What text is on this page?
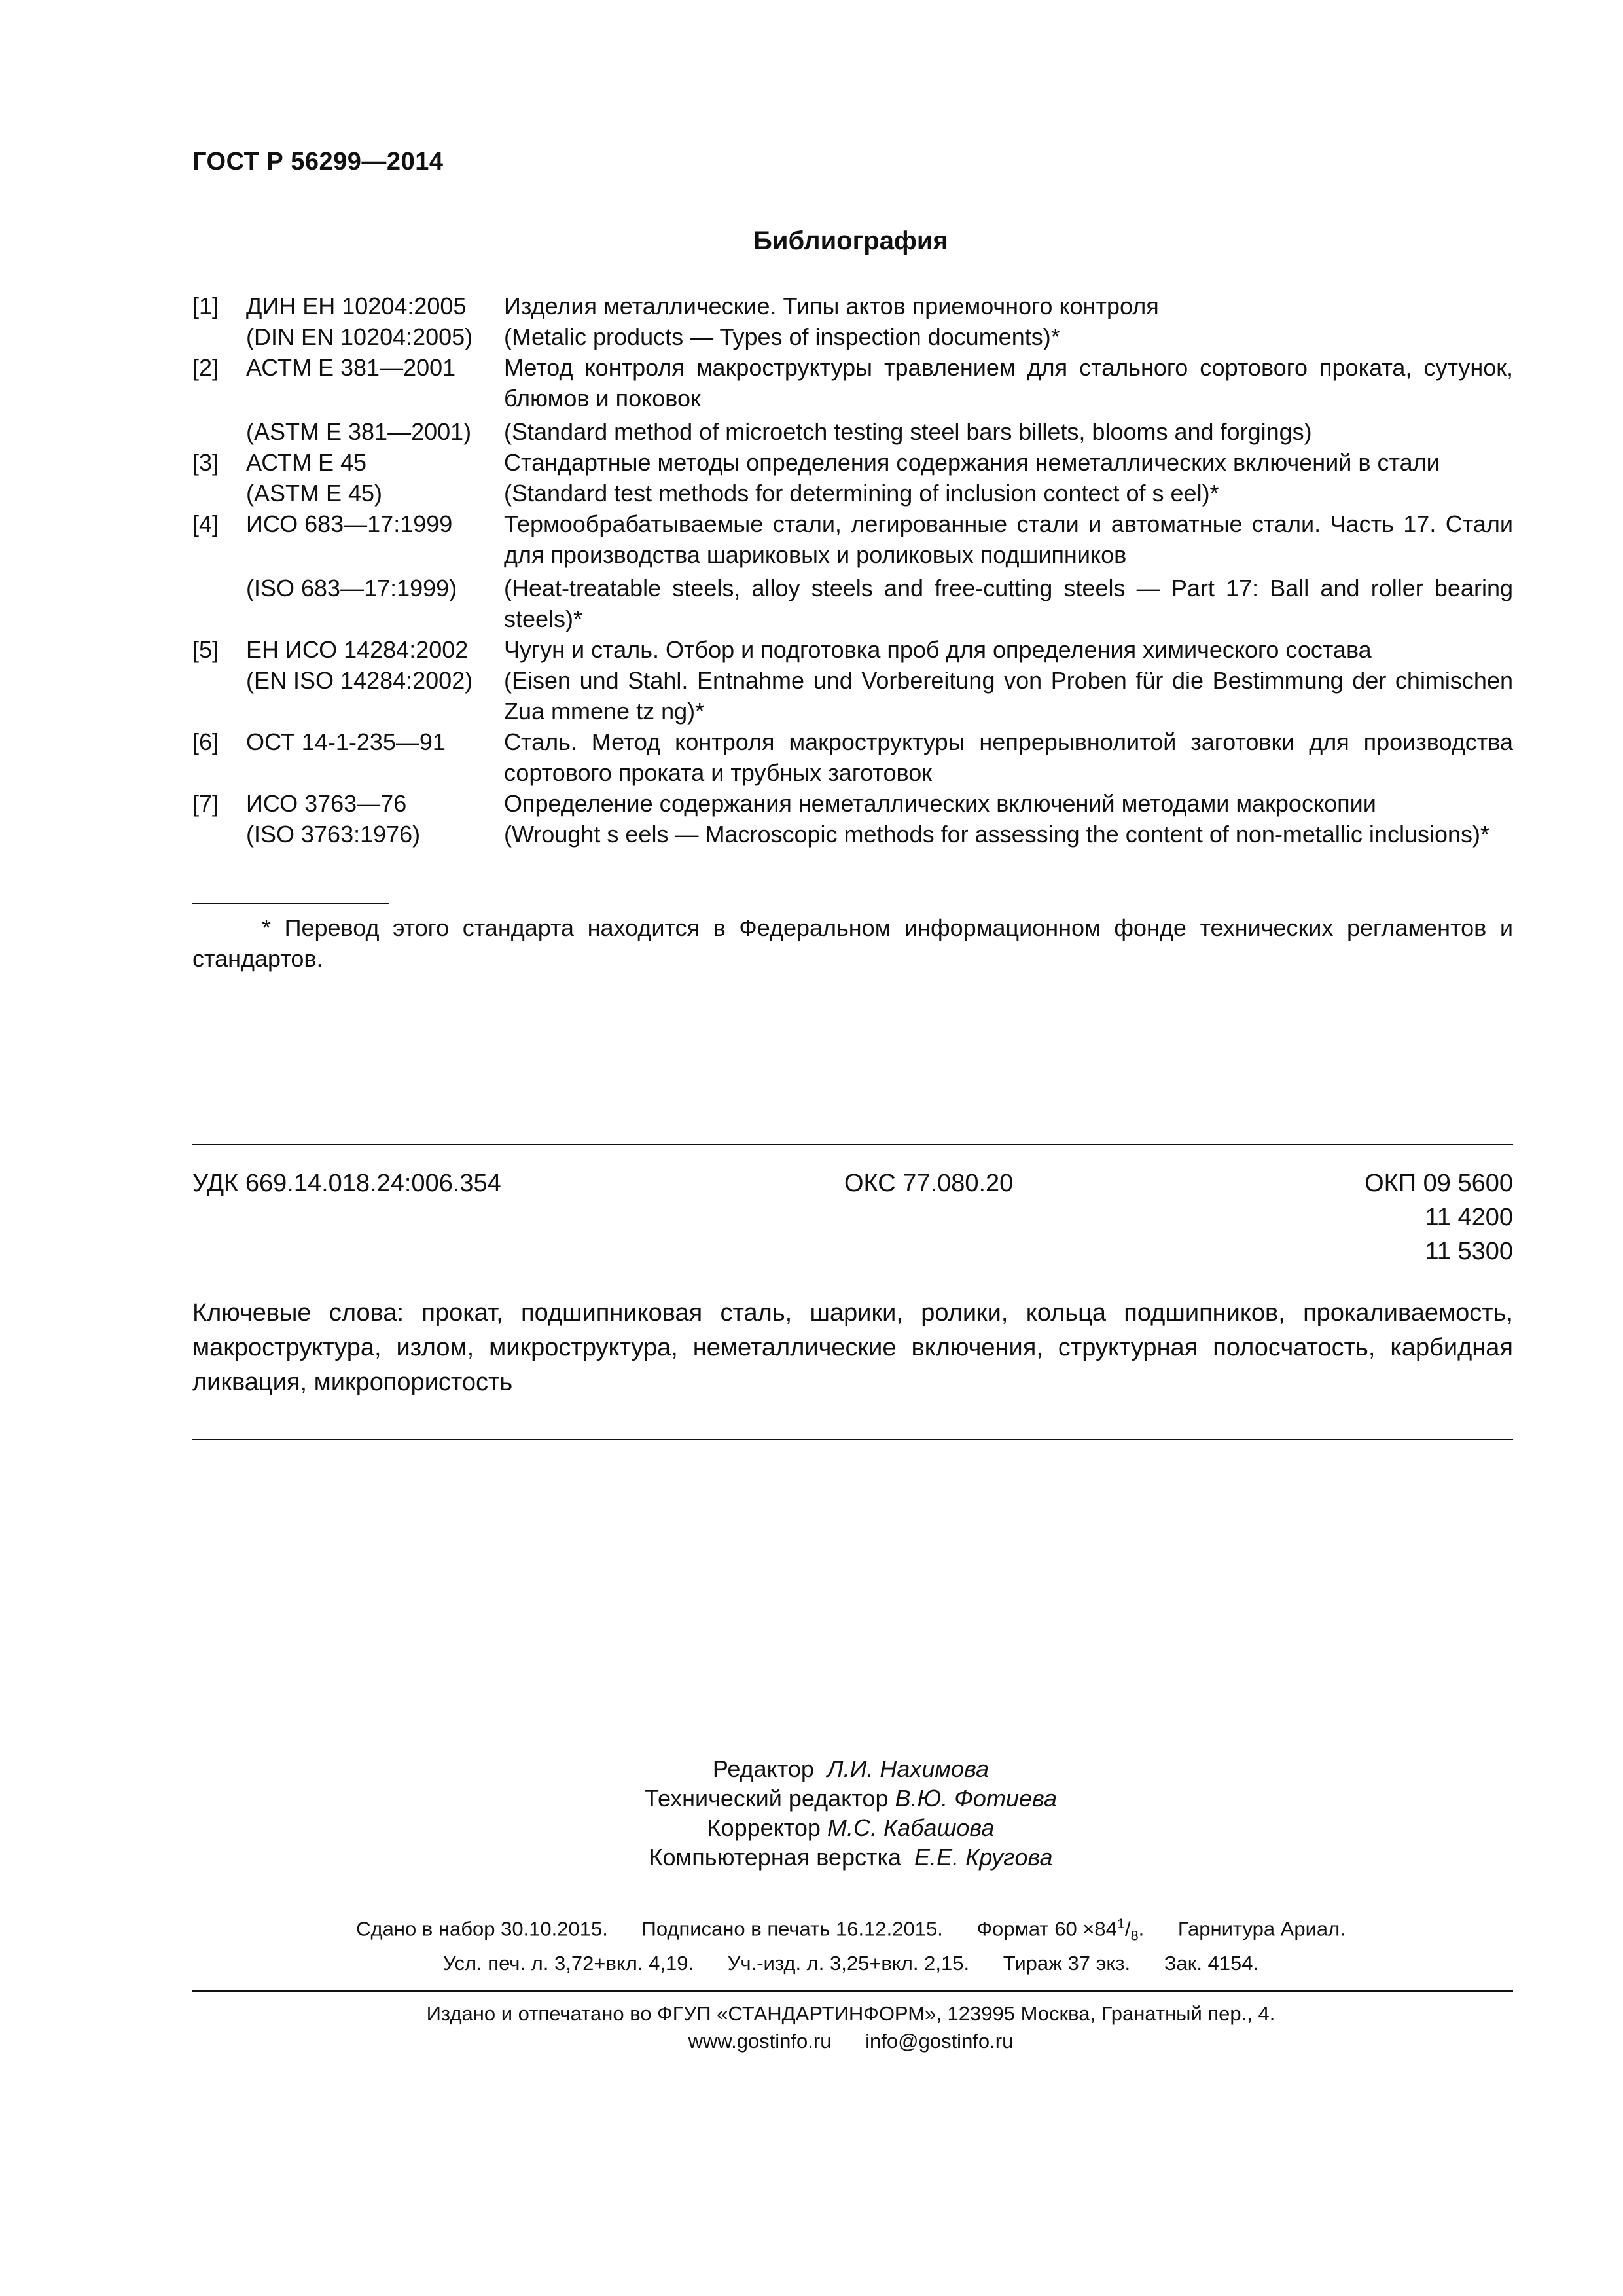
ГОСТ Р 56299—2014
Библиография
[1]	ДИН ЕН 10204:2005	Изделия металлические. Типы актов приемочного контроля
(DIN EN 10204:2005)	(Metalic products — Types of inspection documents)*
[2]	АСТМ Е 381—2001	Метод контроля макроструктуры травлением для стального сортового проката, сутунок, блюмов и поковок
(ASTM E 381—2001)	(Standard method of microetch testing steel bars billets, blooms and forgings)
[3]	АСТМ Е 45	Стандартные методы определения содержания неметаллических включений в стали
(ASTM E 45)	(Standard test methods for determining of inclusion contect of s eel)*
[4]	ИСО 683—17:1999	Термообрабатываемые стали, легированные стали и автоматные стали. Часть 17. Стали для производства шариковых и роликовых подшипников
(ISO 683—17:1999)	(Heat-treatable steels, alloy steels and free-cutting steels — Part 17: Ball and roller bearing steels)*
[5]	ЕН ИСО 14284:2002	Чугун и сталь. Отбор и подготовка проб для определения химического состава
(EN ISO 14284:2002)	(Eisen und Stahl. Entnahme und Vorbereitung von Proben für die Bestimmung der chimischen Zua mmene tz ng)*
[6]	ОСТ 14-1-235—91	Сталь. Метод контроля макроструктуры непрерывнолитой заготовки для производства сортового проката и трубных заготовок
[7]	ИСО 3763—76	Определение содержания неметаллических включений методами макроскопии
(ISO 3763:1976)	(Wrought s eels — Macroscopic methods for assessing the content of non-metallic inclusions)*
* Перевод этого стандарта находится в Федеральном информационном фонде технических регламентов и стандартов.
УДК 669.14.018.24:006.354	ОКС 77.080.20	ОКП 09 5600
11 4200
11 5300
Ключевые слова: прокат, подшипниковая сталь, шарики, ролики, кольца подшипников, прокаливаемость, макроструктура, излом, микроструктура, неметаллические включения, структурная полосчатость, карбидная ликвация, микропористость
Редактор Л.И. Нахимова
Технический редактор В.Ю. Фотиева
Корректор М.С. Кабашова
Компьютерная верстка Е.Е. Кругова
Сдано в набор 30.10.2015.      Подписано в печать 16.12.2015.      Формат $60 \times 84^1/_8$.      Гарнитура Ариал.
Усл. печ. л. 3,72+вкл. 4,19.      Уч.-изд. л. 3,25+вкл. 2,15.      Тираж 37 экз.      Зак. 4154.
Издано и отпечатано во ФГУП «СТАНДАРТИНФОРМ», 123995 Москва, Гранатный пер., 4.
www.gostinfo.ru      info@gostinfo.ru
